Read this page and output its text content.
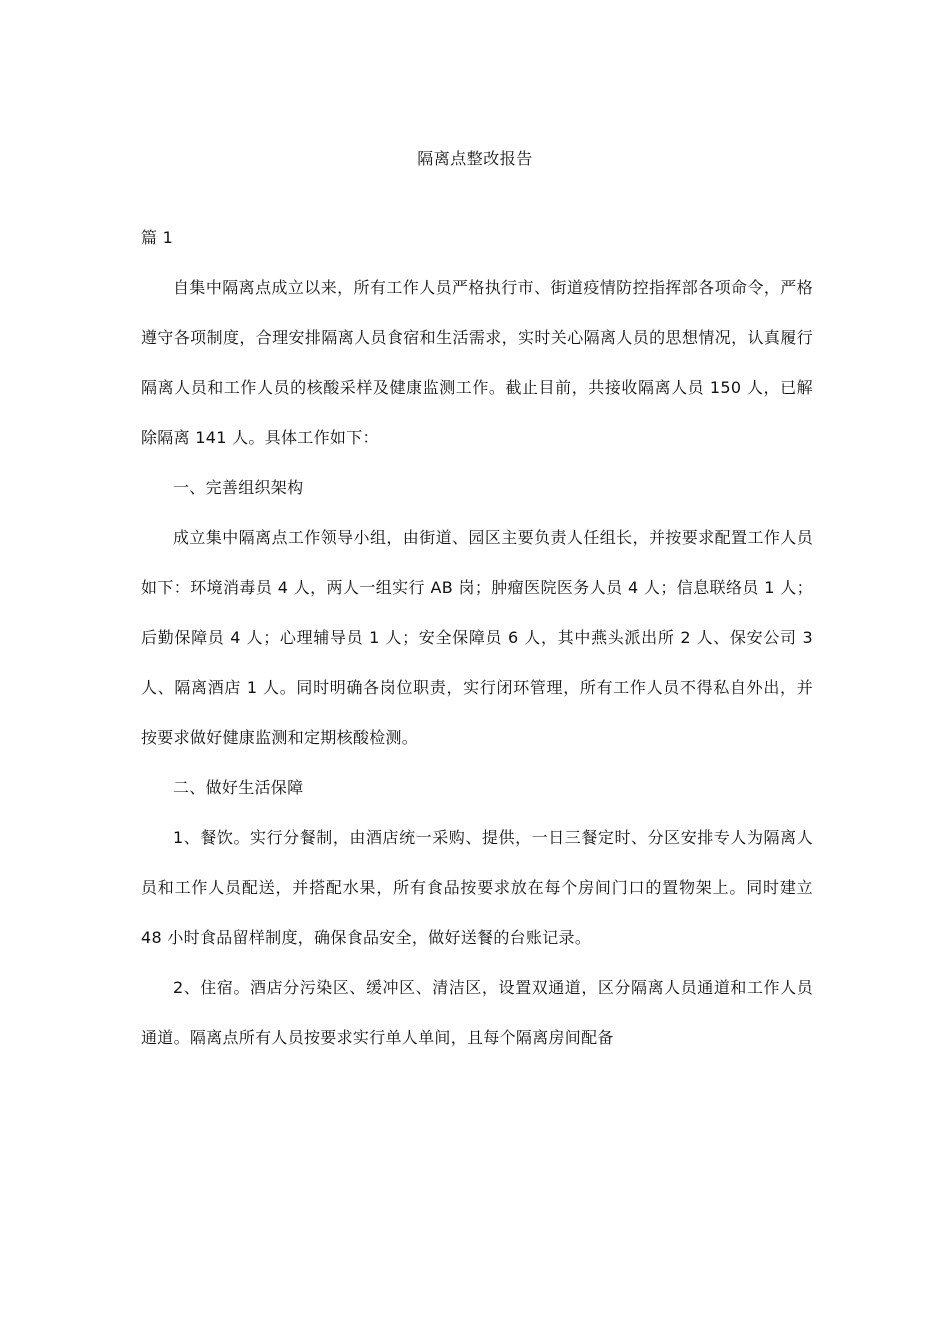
隔离点整改报告

篇 1

自集中隔离点成立以来，所有工作人员严格执行市、街道疫情防控指挥部各项命令，严格遵守各项制度，合理安排隔离人员食宿和生活需求，实时关心隔离人员的思想情况，认真履行隔离人员和工作人员的核酸采样及健康监测工作。截止目前，共接收隔离人员 150 人，已解除隔离 141 人。具体工作如下：

一、完善组织架构

成立集中隔离点工作领导小组，由街道、园区主要负责人任组长，并按要求配置工作人员如下：环境消毒员 4 人，两人一组实行 AB 岗；肿瘤医院医务人员 4 人；信息联络员 1 人；后勤保障员 4 人；心理辅导员 1 人；安全保障员 6 人，其中燕头派出所 2 人、保安公司 3 人、隔离酒店 1 人。同时明确各岗位职责，实行闭环管理，所有工作人员不得私自外出，并按要求做好健康监测和定期核酸检测。

二、做好生活保障

1、餐饮。实行分餐制，由酒店统一采购、提供，一日三餐定时、分区安排专人为隔离人员和工作人员配送，并搭配水果，所有食品按要求放在每个房间门口的置物架上。同时建立 48 小时食品留样制度，确保食品安全，做好送餐的台账记录。

2、住宿。酒店分污染区、缓冲区、清洁区，设置双通道，区分隔离人员通道和工作人员通道。隔离点所有人员按要求实行单人单间，且每个隔离房间配备
